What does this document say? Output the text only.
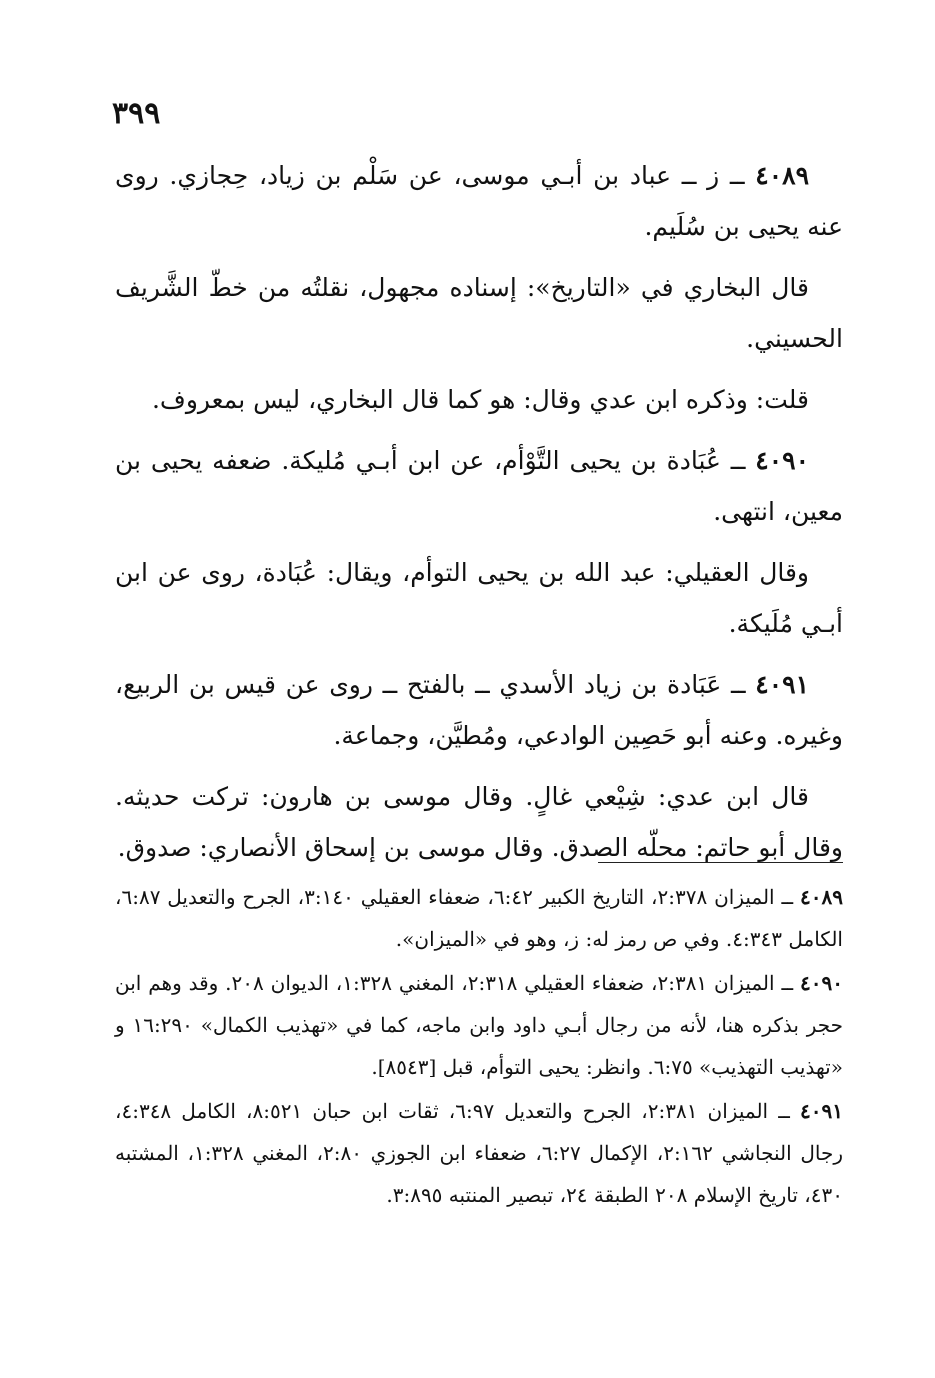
٣٩٩

٤٠٨٩ ــ ز ــ عباد بن أبـي موسى، عن سَلْم بن زياد، حِجازي. روى عنه يحيى بن سُلَيم.

قال البخاري في «التاريخ»: إسناده مجهول، نقلتُه من خطّ الشَّريف الحسيني.

قلت: وذكره ابن عدي وقال: هو كما قال البخاري، ليس بمعروف.

٤٠٩٠ ــ عُبَادة بن يحيى التَّوْأم، عن ابن أبـي مُليكة. ضعفه يحيى بن معين، انتهى.

وقال العقيلي: عبد الله بن يحيى التوأم، ويقال: عُبَادة، روى عن ابن أبـي مُلَيكة.

٤٠٩١ ــ عَبَادة بن زياد الأسدي ــ بالفتح ــ روى عن قيس بن الربيع، وغيره. وعنه أبو حَصِين الوادعي، ومُطيَّن، وجماعة.

قال ابن عدي: شِيْعي غالٍ. وقال موسى بن هارون: تركت حديثه. وقال أبو حاتم: محلّه الصدق. وقال موسى بن إسحاق الأنصاري: صدوق.

٤٠٨٩ ــ الميزان ٢:٣٧٨، التاريخ الكبير ٦:٤٢، ضعفاء العقيلي ٣:١٤٠، الجرح والتعديل ٦:٨٧، الكامل ٤:٣٤٣. وفي ص رمز له: ز، وهو في «الميزان».

٤٠٩٠ ــ الميزان ٢:٣٨١، ضعفاء العقيلي ٢:٣١٨، المغني ١:٣٢٨، الديوان ٢٠٨. وقد وهم ابن حجر بذكره هنا، لأنه من رجال أبـي داود وابن ماجه، كما في «تهذيب الكمال» ١٦:٢٩٠ و «تهذيب التهذيب» ٦:٧٥. وانظر: يحيى التوأم، قبل [٨٥٤٣].

٤٠٩١ ــ الميزان ٢:٣٨١، الجرح والتعديل ٦:٩٧، ثقات ابن حبان ٨:٥٢١، الكامل ٤:٣٤٨، رجال النجاشي ٢:١٦٢، الإكمال ٦:٢٧، ضعفاء ابن الجوزي ٢:٨٠، المغني ١:٣٢٨، المشتبه ٤٣٠، تاريخ الإسلام ٢٠٨ الطبقة ٢٤، تبصير المنتبه ٣:٨٩٥.
